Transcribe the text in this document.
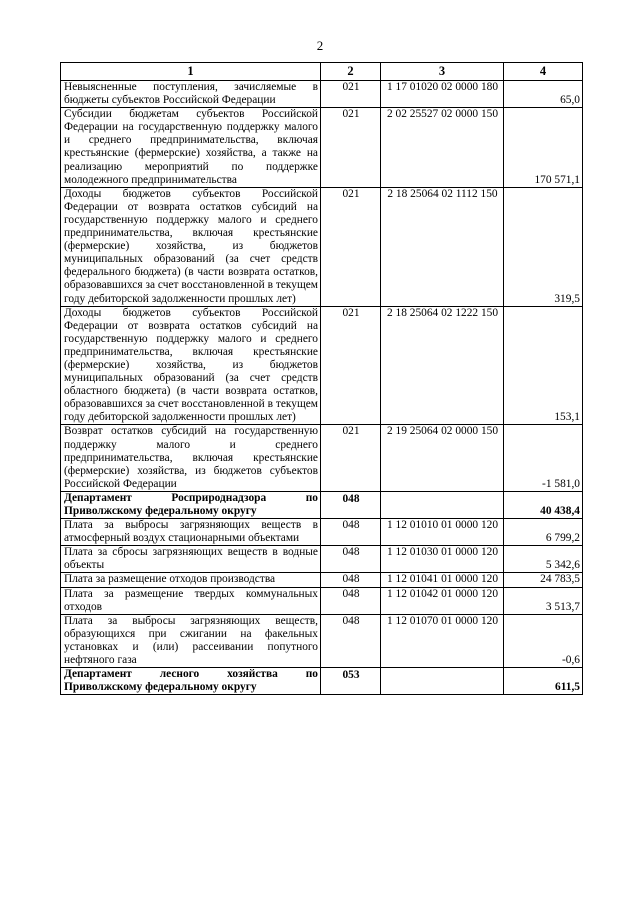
2
1	2	3	4
Невыясненные поступления, зачисляемые в бюджеты субъектов Российской Федерации	021	1 17 01020 02 0000 180	65,0
Субсидии бюджетам субъектов Российской Федерации на государственную поддержку малого и среднего предпринимательства, включая крестьянские (фермерские) хозяйства, а также на реализацию мероприятий по поддержке молодежного предпринимательства	021	2 02 25527 02 0000 150	170 571,1
Доходы бюджетов субъектов Российской Федерации от возврата остатков субсидий на государственную поддержку малого и среднего предпринимательства, включая крестьянские (фермерские) хозяйства, из бюджетов муниципальных образований (за счет средств федерального бюджета) (в части возврата остатков, образовавшихся за счет восстановленной в текущем году дебиторской задолженности прошлых лет)	021	2 18 25064 02 1112 150	319,5
Доходы бюджетов субъектов Российской Федерации от возврата остатков субсидий на государственную поддержку малого и среднего предпринимательства, включая крестьянские (фермерские) хозяйства, из бюджетов муниципальных образований (за счет средств областного бюджета) (в части возврата остатков, образовавшихся за счет восстановленной в текущем году дебиторской задолженности прошлых лет)	021	2 18 25064 02 1222 150	153,1
Возврат остатков субсидий на государственную поддержку малого и среднего предпринимательства, включая крестьянские (фермерские) хозяйства, из бюджетов субъектов Российской Федерации	021	2 19 25064 02 0000 150	-1 581,0
Департамент Росприроднадзора по Приволжскому федеральному округу	048		40 438,4
Плата за выбросы загрязняющих веществ в атмосферный воздух стационарными объектами	048	1 12 01010 01 0000 120	6 799,2
Плата за сбросы загрязняющих веществ в водные объекты	048	1 12 01030 01 0000 120	5 342,6
Плата за размещение отходов производства	048	1 12 01041 01 0000 120	24 783,5
Плата за размещение твердых коммунальных отходов	048	1 12 01042 01 0000 120	3 513,7
Плата за выбросы загрязняющих веществ, образующихся при сжигании на факельных установках и (или) рассеивании попутного нефтяного газа	048	1 12 01070 01 0000 120	-0,6
Департамент лесного хозяйства по Приволжскому федеральному округу	053		611,5
